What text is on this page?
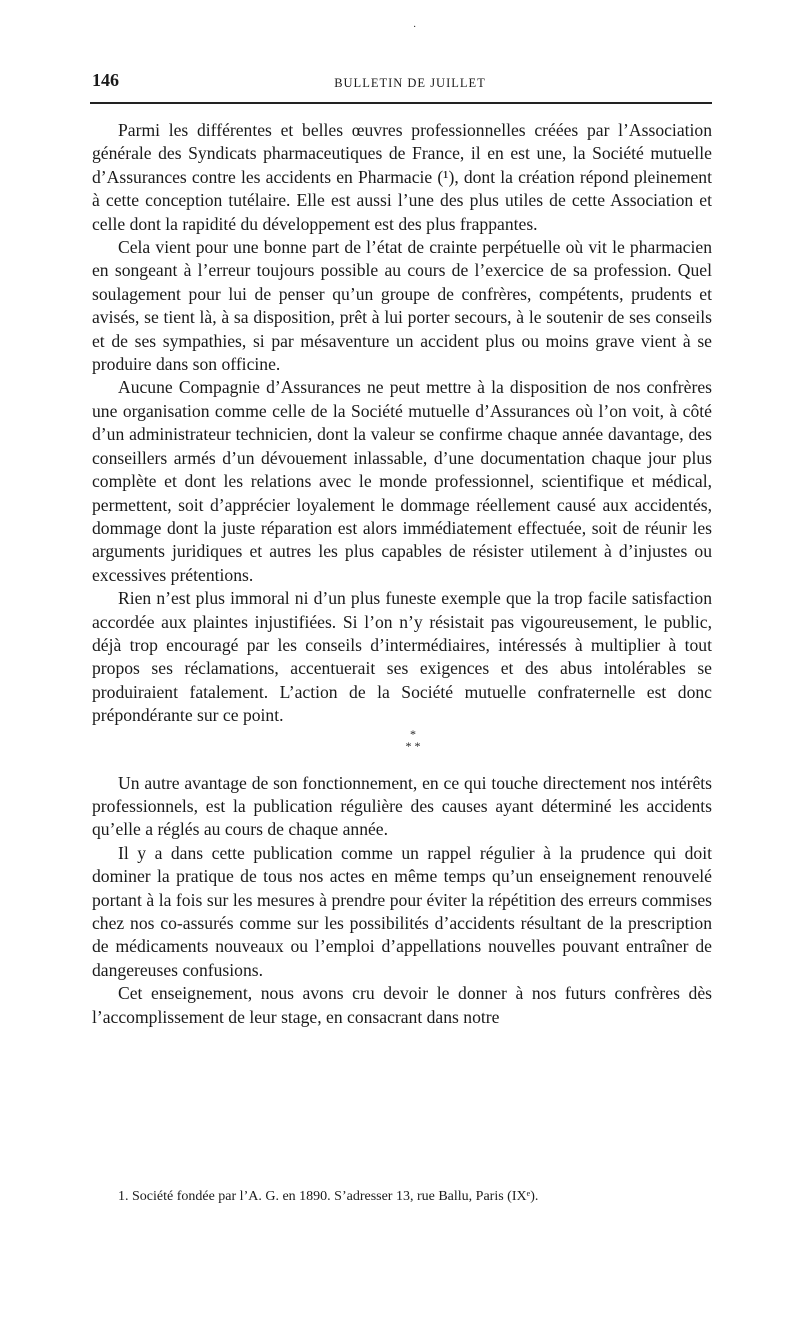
·
146	BULLETIN DE JUILLET

Parmi les différentes et belles œuvres professionnelles créées par l’Association générale des Syndicats pharmaceutiques de France, il en est une, la Société mutuelle d’Assurances contre les accidents en Pharmacie (¹), dont la création répond pleinement à cette conception tutélaire. Elle est aussi l’une des plus utiles de cette Association et celle dont la rapidité du développement est des plus frappantes.

Cela vient pour une bonne part de l’état de crainte perpétuelle où vit le pharmacien en songeant à l’erreur toujours possible au cours de l’exercice de sa profession. Quel soulagement pour lui de penser qu’un groupe de confrères, compétents, prudents et avisés, se tient là, à sa disposition, prêt à lui porter secours, à le soutenir de ses conseils et de ses sympathies, si par mésaventure un accident plus ou moins grave vient à se produire dans son officine.

Aucune Compagnie d’Assurances ne peut mettre à la disposition de nos confrères une organisation comme celle de la Société mutuelle d’Assurances où l’on voit, à côté d’un administrateur technicien, dont la valeur se confirme chaque année davantage, des conseillers armés d’un dévouement inlassable, d’une documentation chaque jour plus complète et dont les relations avec le monde professionnel, scientifique et médical, permettent, soit d’apprécier loyalement le dommage réellement causé aux accidentés, dommage dont la juste réparation est alors immédiatement effectuée, soit de réunir les arguments juridiques et autres les plus capables de résister utilement à d’injustes ou excessives prétentions.

Rien n’est plus immoral ni d’un plus funeste exemple que la trop facile satisfaction accordée aux plaintes injustifiées. Si l’on n’y résistait pas vigoureusement, le public, déjà trop encouragé par les conseils d’intermédiaires, intéressés à multiplier à tout propos ses réclamations, accentuerait ses exigences et des abus intolérables se produiraient fatalement. L’action de la Société mutuelle confraternelle est donc prépondérante sur ce point.

*
* *

Un autre avantage de son fonctionnement, en ce qui touche directement nos intérêts professionnels, est la publication régulière des causes ayant déterminé les accidents qu’elle a réglés au cours de chaque année.

Il y a dans cette publication comme un rappel régulier à la prudence qui doit dominer la pratique de tous nos actes en même temps qu’un enseignement renouvelé portant à la fois sur les mesures à prendre pour éviter la répétition des erreurs commises chez nos co-assurés comme sur les possibilités d’accidents résultant de la prescription de médicaments nouveaux ou l’emploi d’appellations nouvelles pouvant entraîner de dangereuses confusions.

Cet enseignement, nous avons cru devoir le donner à nos futurs confrères dès l’accomplissement de leur stage, en consacrant dans notre

1. Société fondée par l’A. G. en 1890. S’adresser 13, rue Ballu, Paris (IXᵉ).
